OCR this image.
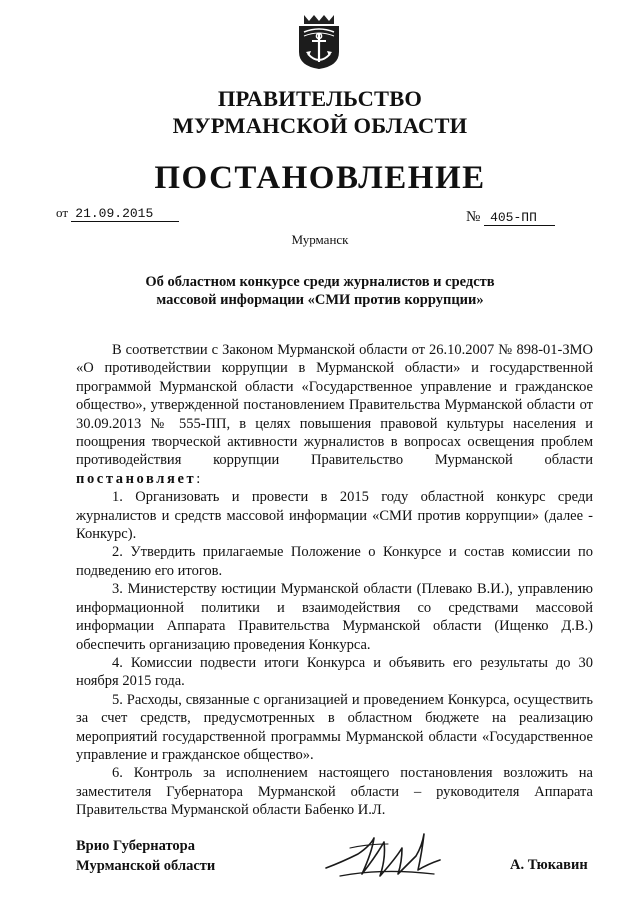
ПРАВИТЕЛЬСТВО
МУРМАНСКОЙ ОБЛАСТИ
ПОСТАНОВЛЕНИЕ
от 21.09.2015	№ 405-ПП
Мурманск
Об областном конкурсе среди журналистов и средств
массовой информации «СМИ против коррупции»

В соответствии с Законом Мурманской области от 26.10.2007 № 898-01-ЗМО «О противодействии коррупции в Мурманской области» и государственной программой Мурманской области «Государственное управление и гражданское общество», утвержденной постановлением Правительства Мурманской области от 30.09.2013 № 555-ПП, в целях повышения правовой культуры населения и поощрения творческой активности журналистов в вопросах освещения проблем противодействия коррупции Правительство Мурманской области постановляет:

1. Организовать и провести в 2015 году областной конкурс среди журналистов и средств массовой информации «СМИ против коррупции» (далее - Конкурс).

2. Утвердить прилагаемые Положение о Конкурсе и состав комиссии по подведению его итогов.

3. Министерству юстиции Мурманской области (Плевако В.И.), управлению информационной политики и взаимодействия со средствами массовой информации Аппарата Правительства Мурманской области (Ищенко Д.В.) обеспечить организацию проведения Конкурса.

4. Комиссии подвести итоги Конкурса и объявить его результаты до 30 ноября 2015 года.

5. Расходы, связанные с организацией и проведением Конкурса, осуществить за счет средств, предусмотренных в областном бюджете на реализацию мероприятий государственной программы Мурманской области «Государственное управление и гражданское общество».

6. Контроль за исполнением настоящего постановления возложить на заместителя Губернатора Мурманской области – руководителя Аппарата Правительства Мурманской области Бабенко И.Л.

Врио Губернатора
Мурманской области	А. Тюкавин
